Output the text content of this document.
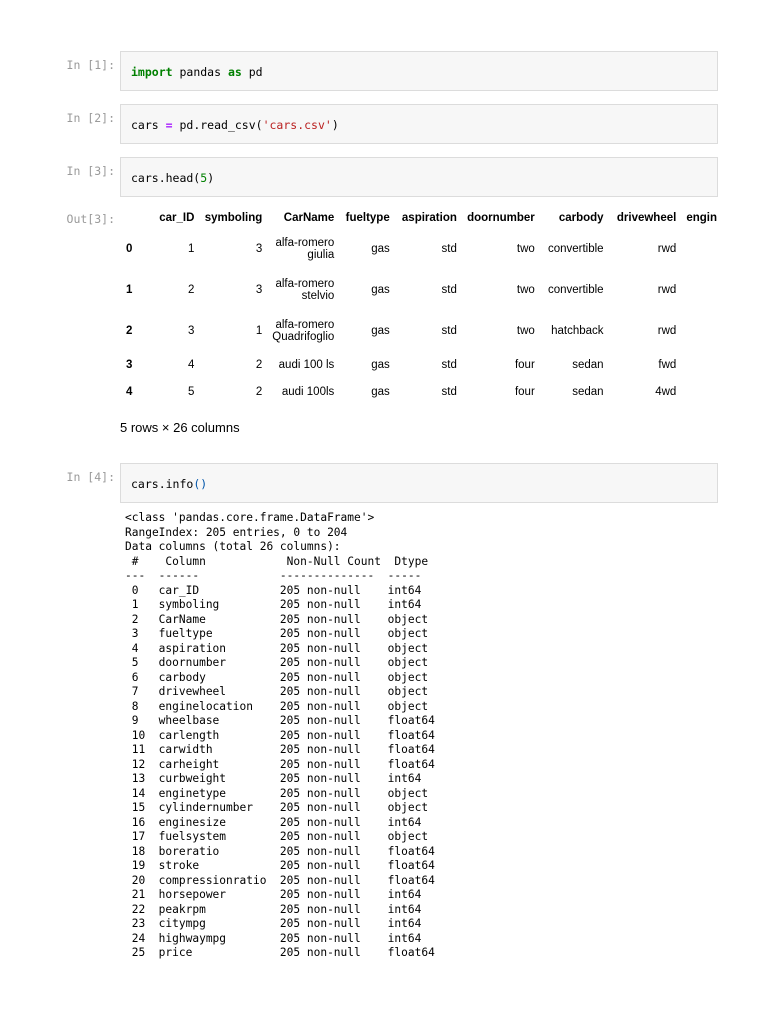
In [1]:	import pandas as pd
In [2]:	cars = pd.read_csv('cars.csv')
In [3]:	cars.head(5)
Out[3]:
		car_ID	symboling	CarName	fueltype	aspiration	doornumber	carbody	drivewheel	engin
0	1	3	alfa-romero
giulia	gas	std	two	convertible	rwd	
1	2	3	alfa-romero
stelvio	gas	std	two	convertible	rwd	
2	3	1	alfa-romero
Quadrifoglio	gas	std	two	hatchback	rwd	
3	4	2	audi 100 ls	gas	std	four	sedan	fwd	
4	5	2	audi 100ls	gas	std	four	sedan	4wd	
5 rows × 26 columns
In [4]:	cars.info()
<class 'pandas.core.frame.DataFrame'>
RangeIndex: 205 entries, 0 to 204
Data columns (total 26 columns):
#    Column            Non-Null Count  Dtype
---  ------            --------------  -----
0   car_ID            205 non-null    int64
1   symboling         205 non-null    int64
2   CarName           205 non-null    object
3   fueltype          205 non-null    object
4   aspiration        205 non-null    object
5   doornumber        205 non-null    object
6   carbody           205 non-null    object
7   drivewheel        205 non-null    object
8   enginelocation    205 non-null    object
9   wheelbase         205 non-null    float64
10  carlength         205 non-null    float64
11  carwidth          205 non-null    float64
12  carheight         205 non-null    float64
13  curbweight        205 non-null    int64
14  enginetype        205 non-null    object
15  cylindernumber    205 non-null    object
16  enginesize        205 non-null    int64
17  fuelsystem        205 non-null    object
18  boreratio         205 non-null    float64
19  stroke            205 non-null    float64
20  compressionratio  205 non-null    float64
21  horsepower        205 non-null    int64
22  peakrpm           205 non-null    int64
23  citympg           205 non-null    int64
24  highwaympg        205 non-null    int64
25  price             205 non-null    float64
